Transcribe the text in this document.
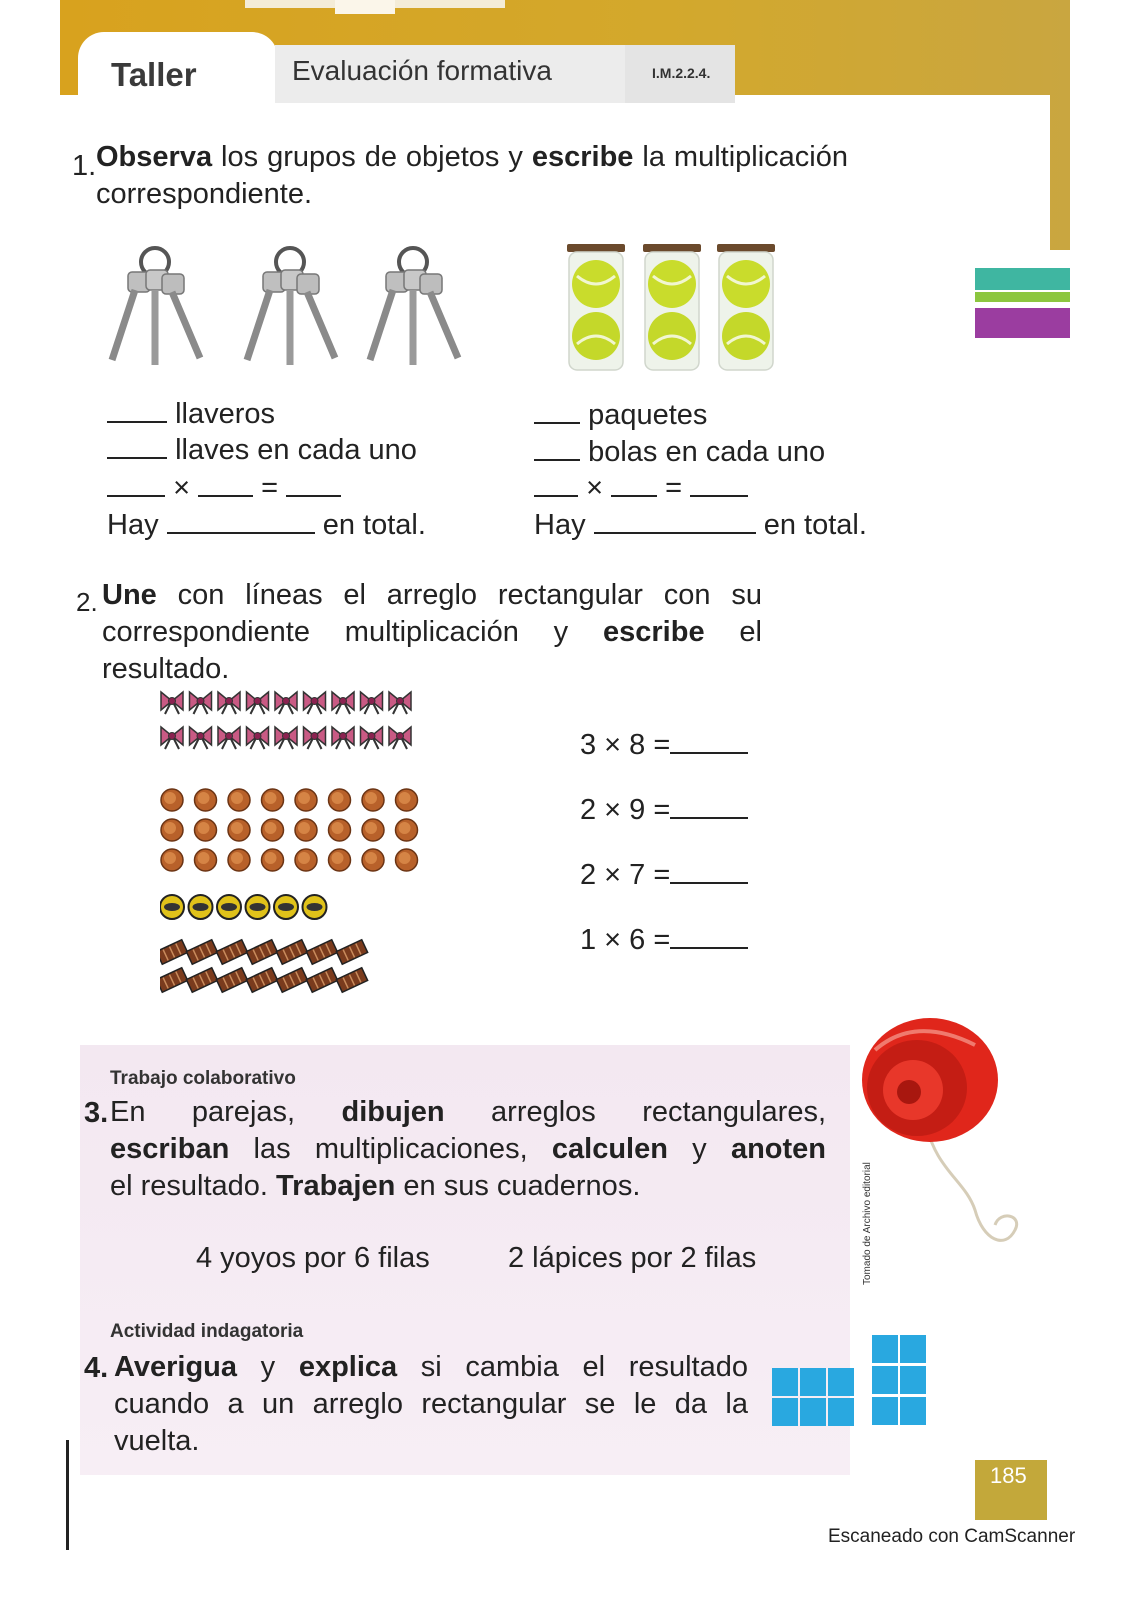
Taller	Evaluación formativa	I.M.2.2.4.
1. Observa los grupos de objetos y escribe la multiplicación correspondiente.
llaveros
llaves en cada uno
× =
Hay	en total.
paquetes
bolas en cada uno
× =
Hay	en total.
2. Une con líneas el arreglo rectangular con su correspondiente multiplicación y escribe el resultado.
3 × 8 =
2 × 9 =
2 × 7 =
1 × 6 =
Trabajo colaborativo
3. En parejas, dibujen arreglos rectangulares,
escriban las multiplicaciones, calculen y anoten
el resultado. Trabajen en sus cuadernos.
4 yoyos por 6 filas	2 lápices por 2 filas	Tomado de Archivo editorial
Actividad indagatoria
4. Averigua y explica si cambia el resultado cuando a un arreglo rectangular se le da la vuelta.
185
Escaneado con CamScanner
